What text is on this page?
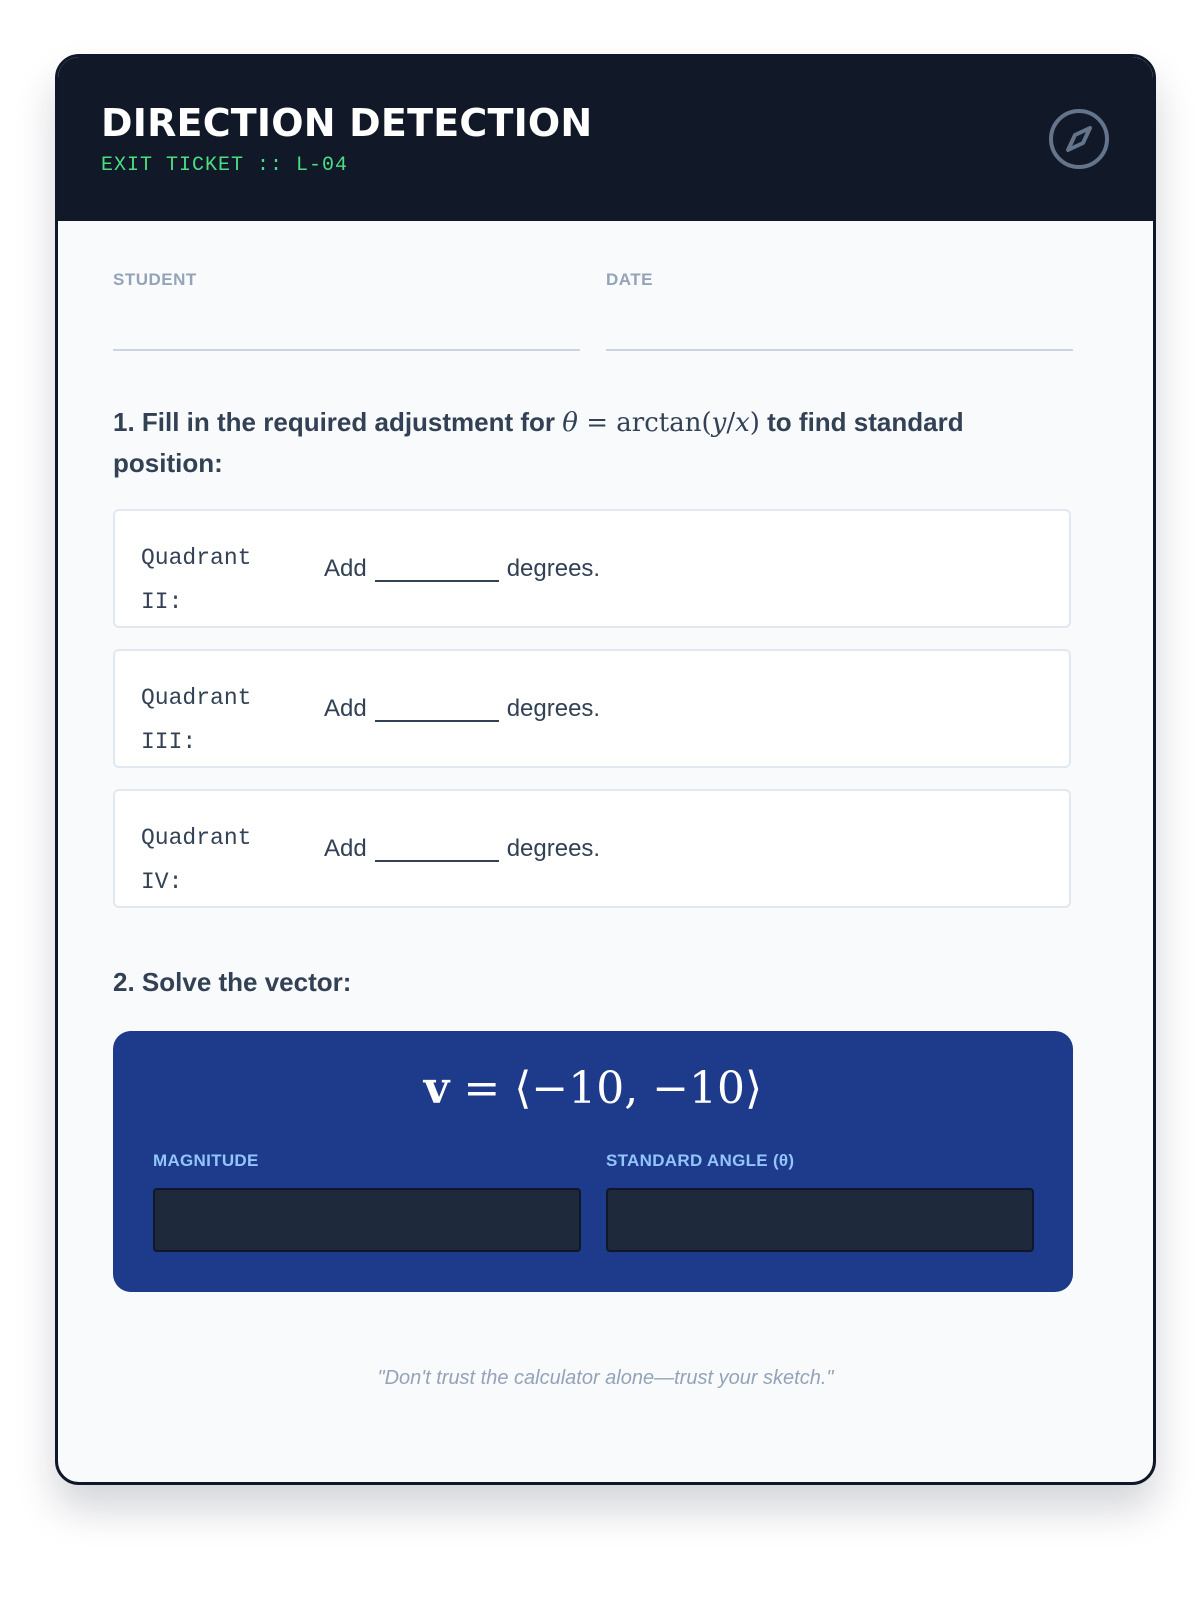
DIRECTION DETECTION
EXIT TICKET :: L-04
STUDENT	DATE

1. Fill in the required adjustment for θ = arctan(y/x) to find standard position:

Quadrant II:
Add	degrees.
Quadrant III:
Add	degrees.
Quadrant IV:
Add	degrees.

2. Solve the vector:

v = ⟨−10, −10⟩
MAGNITUDE	STANDARD ANGLE (θ)
"Don't trust the calculator alone—trust your sketch."
